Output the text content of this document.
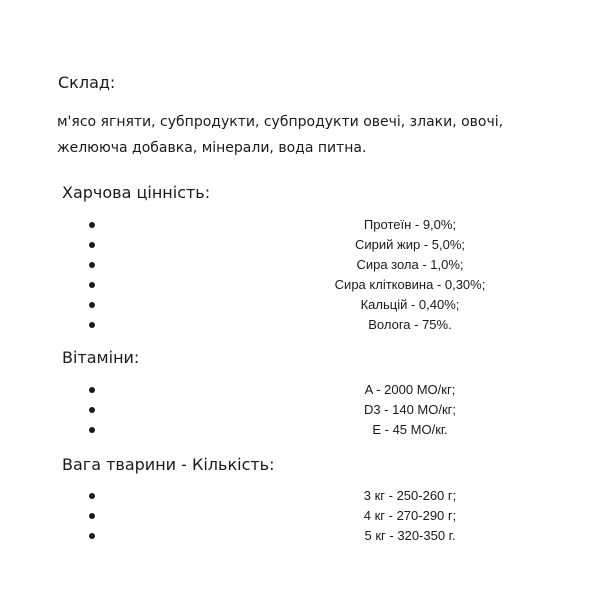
Склад:
м'ясо ягняти, субпродукти, субпродукти овечі, злаки, овочі,
желююча добавка, мінерали, вода питна.
Харчова цінність:
Протеїн - 9,0%;
Сирий жир - 5,0%;
Сира зола - 1,0%;
Сира клітковина - 0,30%;
Кальцій - 0,40%;
Волога - 75%.
Вітаміни:
A - 2000 МО/кг;
D3 - 140 МО/кг;
E - 45 МО/кг.
Вага тварини - Кількість:
3 кг - 250-260 г;
4 кг - 270-290 г;
5 кг - 320-350 г.
